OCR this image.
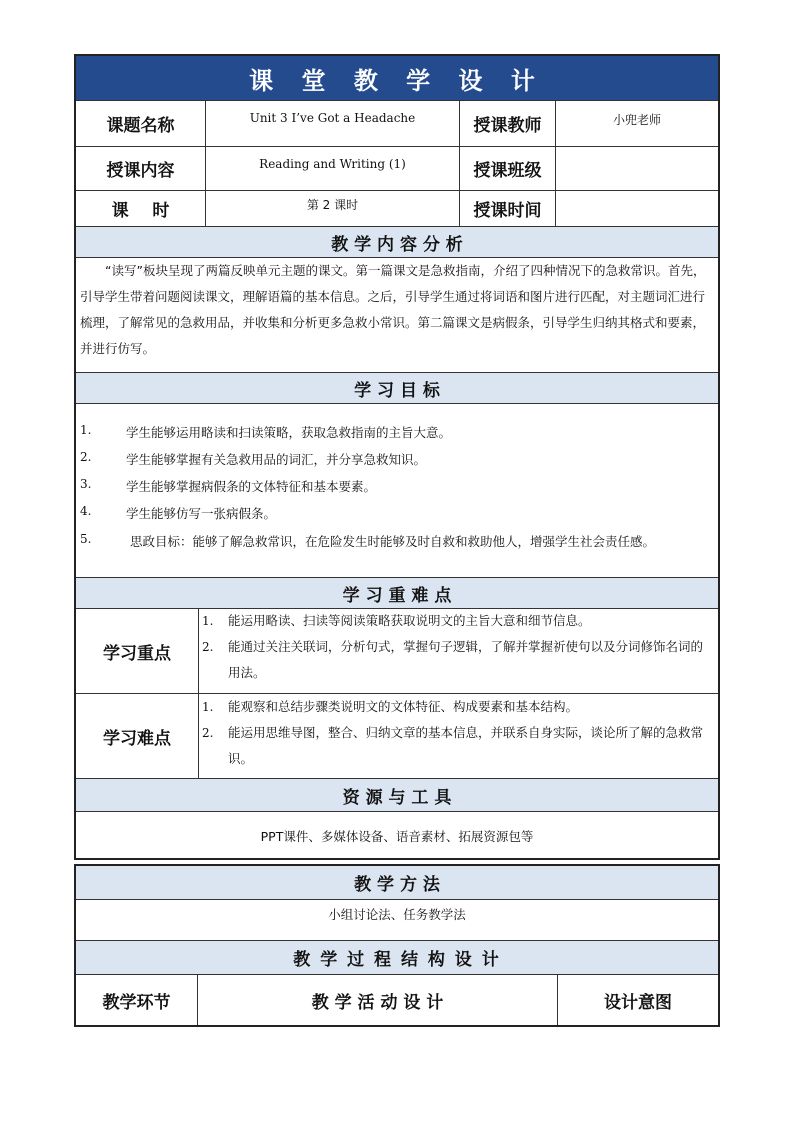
课 堂 教 学 设 计
课题名称	Unit 3 I’ve Got a Headache	授课教师	小兜老师
授课内容	Reading and Writing (1)	授课班级
课    时	第 2 课时	授课时间
教 学 内 容 分 析
“读写”板块呈现了两篇反映单元主题的课文。第一篇课文是急救指南，介绍了四种情况下的急救常识。首先，引导学生带着问题阅读课文，理解语篇的基本信息。之后，引导学生通过将词语和图片进行匹配，对主题词汇进行梳理，了解常见的急救用品，并收集和分析更多急救小常识。第二篇课文是病假条，引导学生归纳其格式和要素，并进行仿写。
学 习 目 标
1.	学生能够运用略读和扫读策略，获取急救指南的主旨大意。
2.	学生能够掌握有关急救用品的词汇，并分享急救知识。
3.	学生能够掌握病假条的文体特征和基本要素。
4.	学生能够仿写一张病假条。
5.	思政目标：能够了解急救常识，在危险发生时能够及时自救和救助他人，增强学生社会责任感。
学 习 重 难 点
学习重点
1. 能运用略读、扫读等阅读策略获取说明文的主旨大意和细节信息。
2. 能通过关注关联词，分析句式，掌握句子逻辑，了解并掌握祈使句以及分词修饰名词的用法。
学习难点
1. 能观察和总结步骤类说明文的文体特征、构成要素和基本结构。
2. 能运用思维导图，整合、归纳文章的基本信息，并联系自身实际，谈论所了解的急救常识。
资 源 与 工 具
PPT课件、多媒体设备、语音素材、拓展资源包等
教 学 方 法
小组讨论法、任务教学法
教 学 过 程 结 构 设 计
教学环节	教 学 活 动 设 计	设计意图
